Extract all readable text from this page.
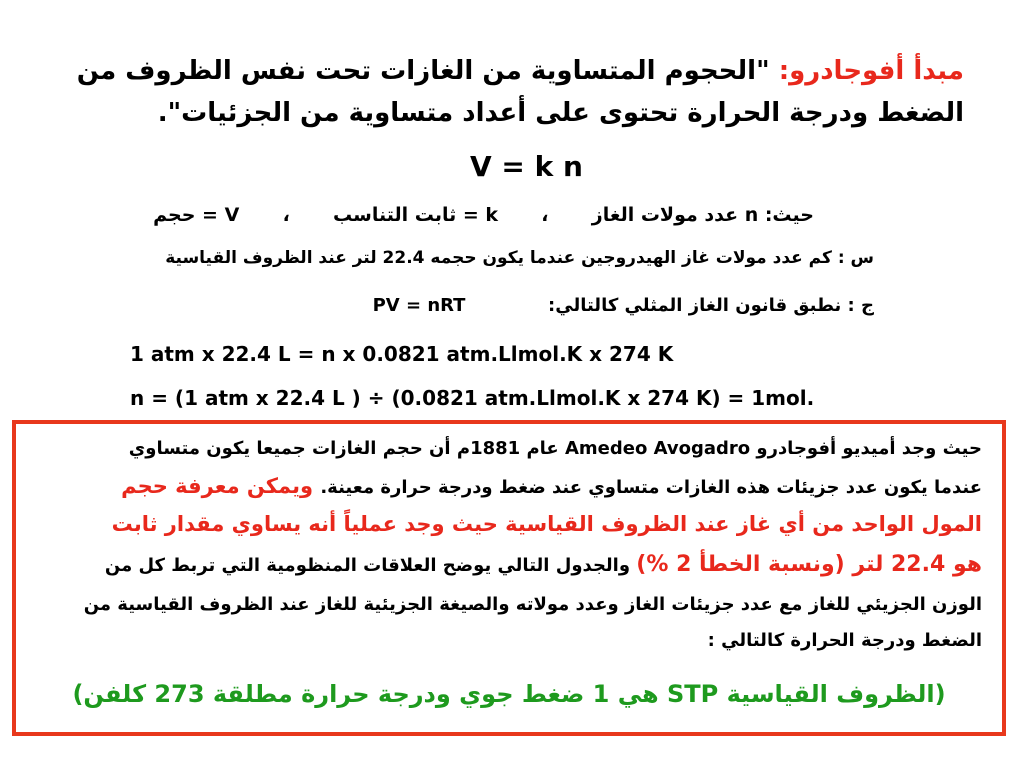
مبدأ أفوجادرو: "الحجوم المتساوية من الغازات تحت نفس الظروف من
الضغط ودرجة الحرارة تحتوى على أعداد متساوية من الجزئيات".
V = k n
حيث: n عدد مولات الغاز  ،  k = ثابت التناسب  ،  V = حجم
س : كم عدد مولات غاز الهيدروجين عندما يكون حجمه 22.4 لتر عند الظروف القياسية
ج : نطبق قانون الغاز المثلي كالتالي:  PV = nRT
1 atm x 22.4 L = n x 0.0821 atm.Llmol.K x 274 K
n = (1 atm x 22.4 L ) ÷ (0.0821 atm.Llmol.K x 274 K) = 1mol.
حيث وجد أميديو أفوجادرو Amedeo Avogadro عام 1881م أن حجم الغازات جميعا يكون متساوي
عندما يكون عدد جزيئات هذه الغازات متساوي عند ضغط ودرجة حرارة معينة. ويمكن معرفة حجم
المول الواحد من أي غاز عند الظروف القياسية حيث وجد عملياً أنه يساوي مقدار ثابت
هو 22.4 لتر (ونسبة الخطأ 2 %) والجدول التالي يوضح العلاقات المنظومية التي تربط كل من
الوزن الجزيئي للغاز مع عدد جزيئات الغاز وعدد مولاته والصيغة الجزيئية للغاز عند الظروف القياسية من
الضغط ودرجة الحرارة كالتالي :
(الظروف القياسية STP هي 1 ضغط جوي ودرجة حرارة مطلقة 273 كلفن)
